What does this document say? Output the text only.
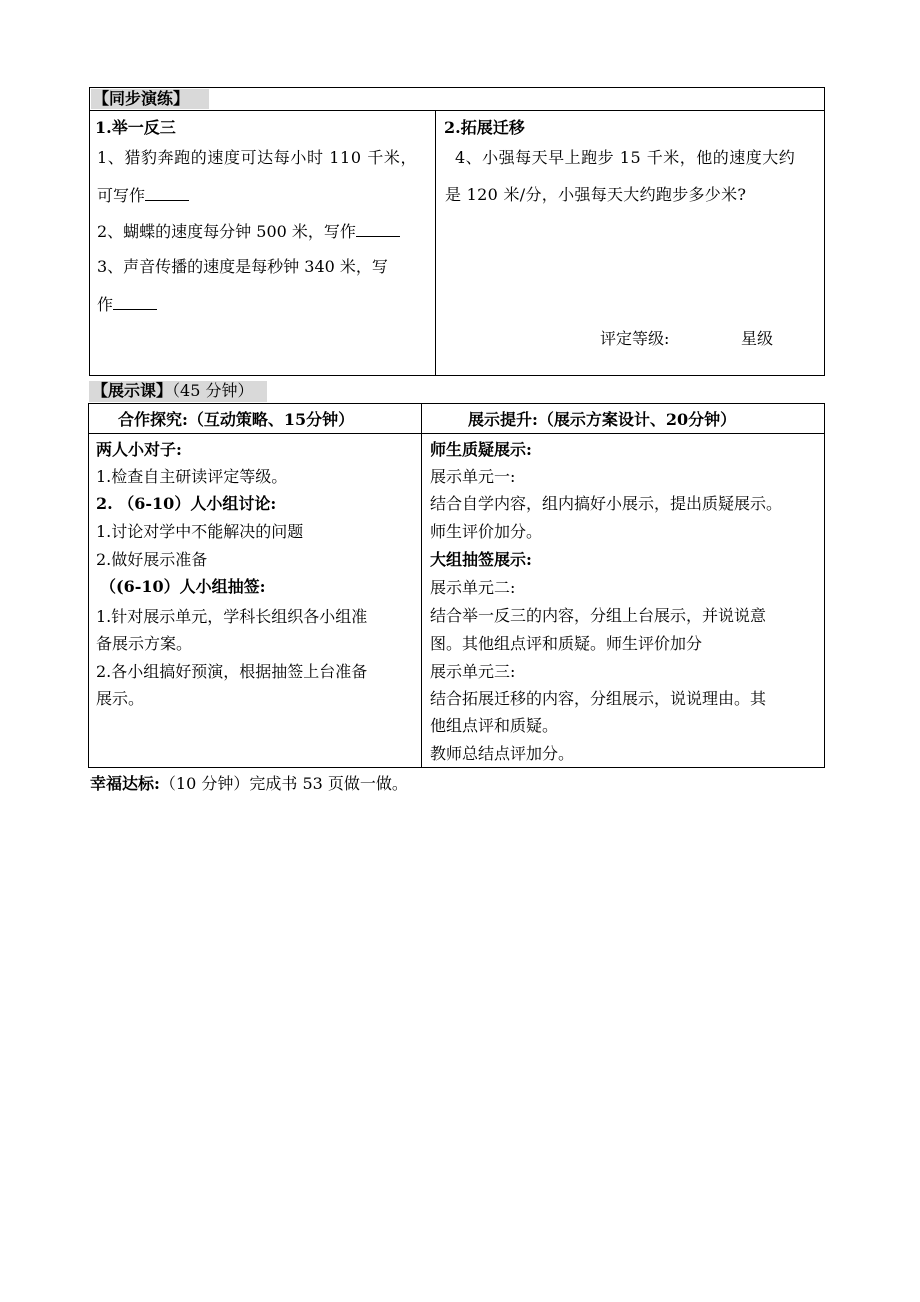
【同步演练】
1.举一反三
1、猎豹奔跑的速度可达每小时 110 千米，
可写作
2、蝴蝶的速度每分钟 500 米，写作
3、声音传播的速度是每秒钟 340 米，写
作
2.拓展迁移
4、小强每天早上跑步 15 千米，他的速度大约
是 120 米/分，小强每天大约跑步多少米?
评定等级:	星级
【展示课】（45 分钟）
合作探究:（互动策略、15分钟）	展示提升:（展示方案设计、20分钟）
两人小对子:
1.检查自主研读评定等级。
2. （6-10）人小组讨论:
1.讨论对学中不能解决的问题
2.做好展示准备
（(6-10）人小组抽签:
1.针对展示单元，学科长组织各小组准
备展示方案。
2.各小组搞好预演，根据抽签上台准备
展示。
师生质疑展示:
展示单元一:
结合自学内容，组内搞好小展示，提出质疑展示。
师生评价加分。
大组抽签展示:
展示单元二:
结合举一反三的内容，分组上台展示，并说说意
图。其他组点评和质疑。师生评价加分
展示单元三:
结合拓展迁移的内容，分组展示，说说理由。其
他组点评和质疑。
教师总结点评加分。
幸福达标:（10 分钟）完成书 53 页做一做。
